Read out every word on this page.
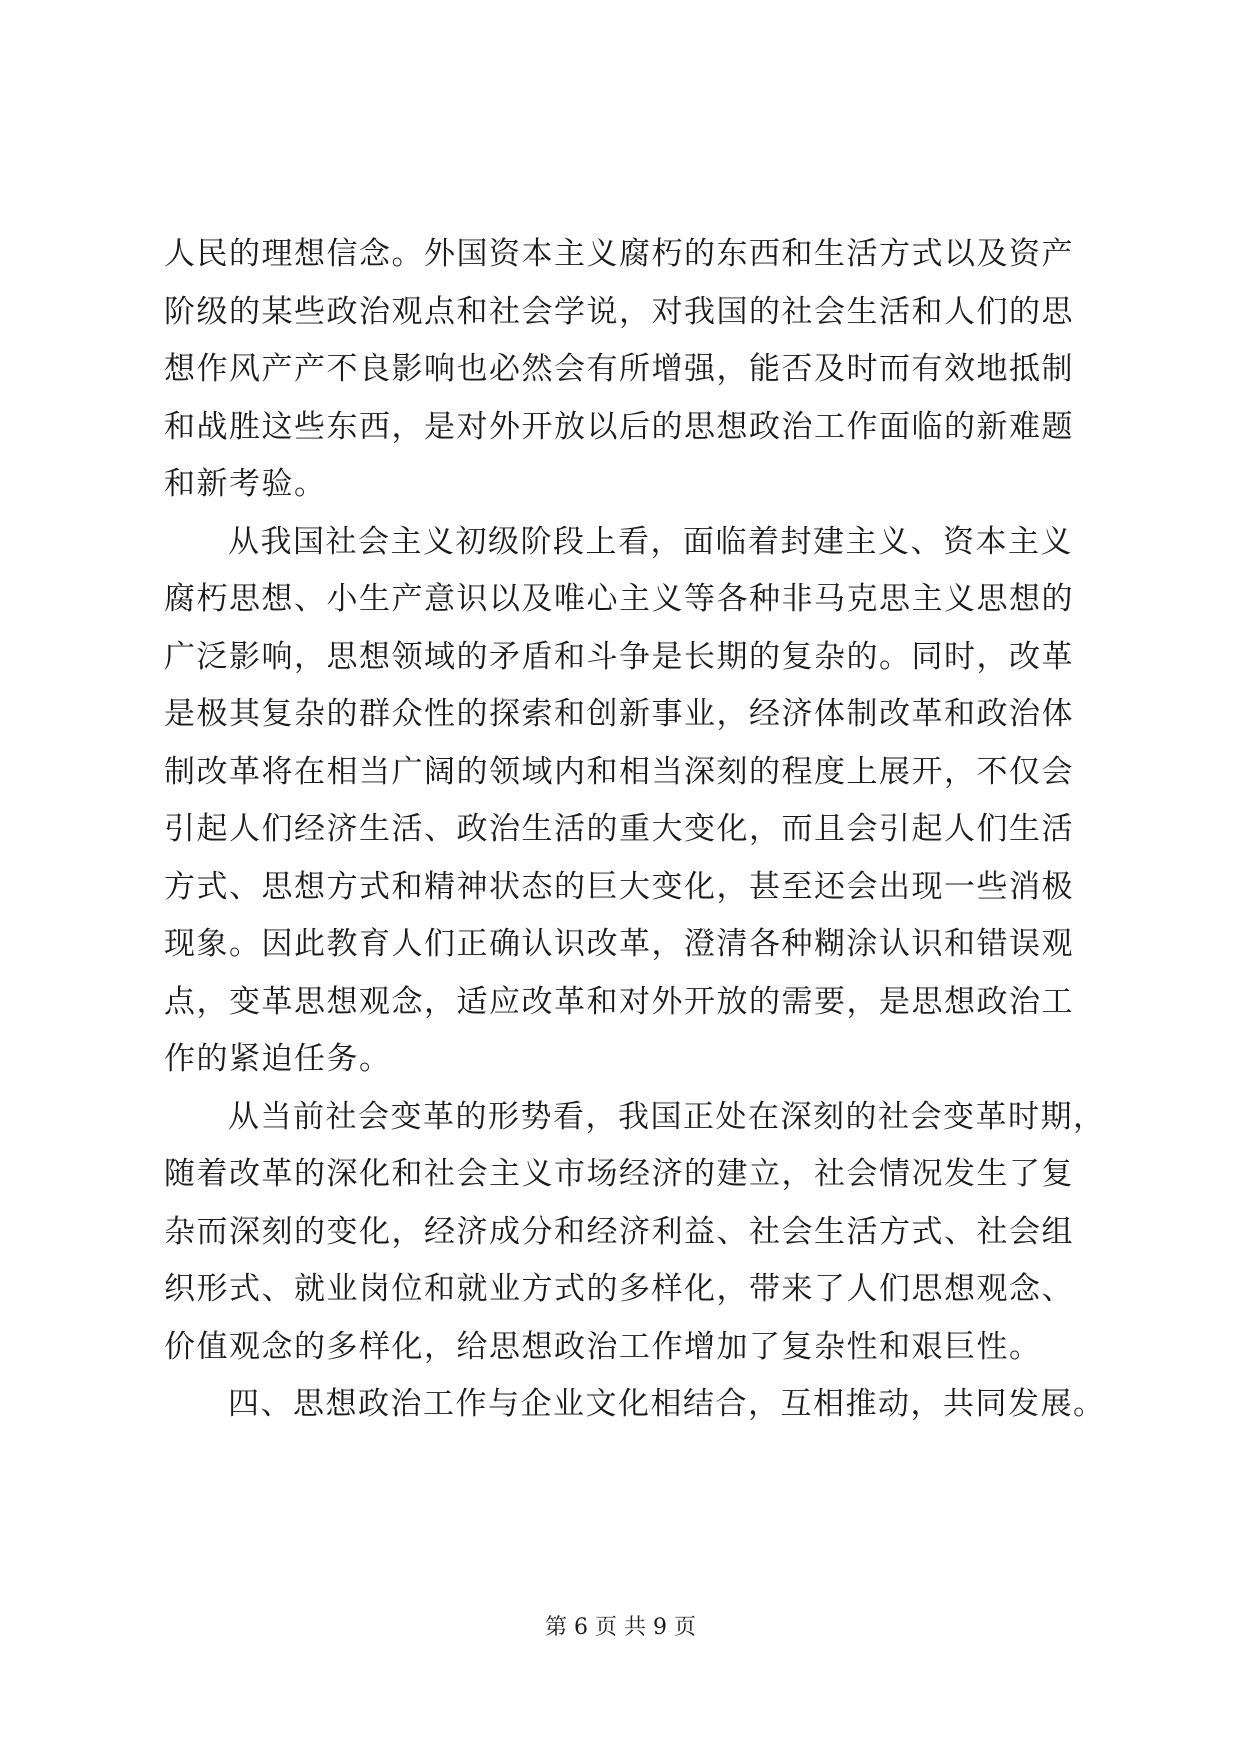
人民的理想信念。外国资本主义腐朽的东西和生活方式以及资产
阶级的某些政治观点和社会学说，对我国的社会生活和人们的思
想作风产产不良影响也必然会有所增强，能否及时而有效地抵制
和战胜这些东西，是对外开放以后的思想政治工作面临的新难题
和新考验。
从我国社会主义初级阶段上看，面临着封建主义、资本主义
腐朽思想、小生产意识以及唯心主义等各种非马克思主义思想的
广泛影响，思想领域的矛盾和斗争是长期的复杂的。同时，改革
是极其复杂的群众性的探索和创新事业，经济体制改革和政治体
制改革将在相当广阔的领域内和相当深刻的程度上展开，不仅会
引起人们经济生活、政治生活的重大变化，而且会引起人们生活
方式、思想方式和精神状态的巨大变化，甚至还会出现一些消极
现象。因此教育人们正确认识改革，澄清各种糊涂认识和错误观
点，变革思想观念，适应改革和对外开放的需要，是思想政治工
作的紧迫任务。
从当前社会变革的形势看，我国正处在深刻的社会变革时期，
随着改革的深化和社会主义市场经济的建立，社会情况发生了复
杂而深刻的变化，经济成分和经济利益、社会生活方式、社会组
织形式、就业岗位和就业方式的多样化，带来了人们思想观念、
价值观念的多样化，给思想政治工作增加了复杂性和艰巨性。
四、思想政治工作与企业文化相结合，互相推动，共同发展。
第 6 页 共 9 页
